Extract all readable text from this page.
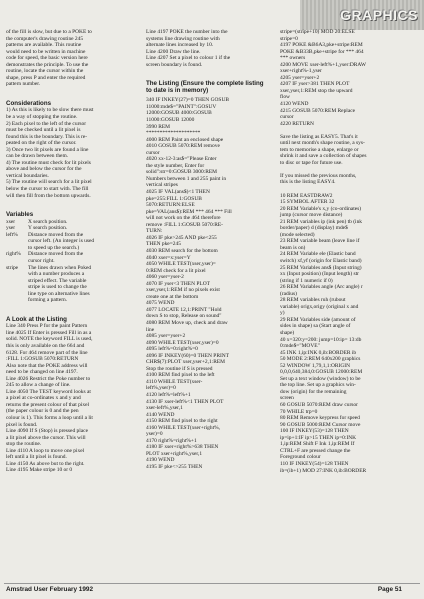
GRAPHICS

of the fill is slow, but due to a POKE to

the computer's drawing routine 245

patterns are available. This routine

would need to be written in machine

code for speed, the basic version here

demonstrates the principle. To use the

routine, locate the cursor within the

shape, press P and enter the required

pattern number.

Considerations

1) As this is likely to be slow there must

be a way of stopping the routine.

2) Each pixel to the left of the cursor

must be checked until a lit pixel is

found this is the boundary. This is re-

peated on the right of the cursor.

3) Once two lit pixels are found a line

can be drawn between them.

4) The routine must check for lit pixels

above and below the cursor for the

vertical boundaries.

5) The routine will search for a lit pixel

below the cursor to start with. The fill

will then fill from the bottom upwards.

Variables

xser	X search position.

yser	Y search position.

left%	Distance moved from the

cursor left. (An integer is used

to speed up the search.)

right%	Distance moved from the

cursor right.

stripe	The lines drawn when Poked

with a number produces a

striped effect. The variable

stripe is used to change the

line type on alternative lines

forming a pattern.

A Look at the Listing

Line 340 Press P for the paint Pattern

line 4025 If Enter is pressed Fill in as a

solid. NOTE the keyword FILL is used,

this is only available on the 664 and

6128. For 464 remove part of the line

:FILL 1:GOSUB 5070:RETURN

Also note that the POKE address will

need to be changed on line 4197.

Line 4026 Restrict the Poke number to

245 to allow a change of line.

Line 4050 The TEST keyword looks at

a pixel at co-ordinates x and y and

returns the present colour of that pixel

(the paper colour is 0 and the pen

colour is 1). This forms a loop until a lit

pixel is found.

Line 4090 If S (Stop) is pressed place

a lit pixel above the cursor. This will

stop the routine.

Line 4110 A loop to move one pixel

left until a lit pixel is found.

Line 4150 As above but to the right.

Line 4195 Make stripe 10 or 0

Line 4197 POKE the number into the

systems line drawing routine with

alternate lines increased by 10.

Line 4200 Draw the line.

Line 4207 Set a pixel to colour 1 if the

screen boundary is found.

The Listing (Ensure the complete listing to date is in memory)

340 IF INKEY(27)=0 THEN GOSUB

11000:mde$="PAINT":GOSUV

12000:GOSUB 4000:GOSUB

11000:GOSUB 12000

3990 REM

********************

4000 REM Paint an enclosed shape

4010 GOSUB 5070:REM remove

cursor

4020 xx-12-3:as$="Please Enter

the style number, Enter for

solid":str=0:GOSUB 3000:REM

Numbers between 1 and 255 paint in

vertical stripes

4025 IF VAL(ans$)<1 THEN

pke=255:FILL 1:GOSUB

5070:RETURN:ELSE

pke=VAL(ans$):REM *** 464 *** Fill

will not work on the 464 therefore

remove :FILL 1:GOSUB 5070:RE-

TURN:

4026 IF pke>245 AND pke<255

THEN pke=245

4030 REM search for the bottom

4040 xser=x:yser=Y

4050 WHILE TEST(xser,yser)=

0:REM check for a lit pixel

4060 yser=yser-2

4070 IF yser<3 THEN PLOT

xser,yser,1:REM if no pixels exist

create one at the bottom

4075 WEND

4077 LOCATE 12,1:PRINT "Hold

down S to stop, Release on sound"

4080 REM Move up, check and draw

line

4085 yser=yser+2

4090 WHILE TEST(xser,yser)=0

4095 left%=0:right%=0

4096 IF INKEY(60)=0 THEN PRINT

CHR$(7):PLOT xser,yser+2,1:REM

Stop the routine if S is pressed

4100 REM find pixel to the left

4110 WHILE TEST(xser-

left%,yser)=0

4120 left%=left%+1

4130 IF xser-left%<1 THEN PLOT

xser-left%,yser,1

4140 WEND

4150 REM find pixel to the right

4160 WHILE TEST(xser+right%,

yser)=0

4170 right%=right%+1

4180 IF xser+right%>638 THEN

PLOT xser+right%,yser,1

4190 WEND

4195 IF pke<>255 THEN

stripe=(stripe+10) MOD 20:ELSE

stripe=0

4197 POKE &B6A3,pke+stripe:REM

POKE &B33B,pke+stripe for *** 464

*** owners

4200 MOVE xser-left%+1,yser:DRAW

xser+right%-1,yser

4205 yser=yser+2

4207 IF yser>381 THEN PLOT

xser,yser,1:REM stop the upward

flow

4120 WEND

4215 GOSUB 5070:REM Replace

cursor

4220 RETURN

Save the listing as EASY5. That's it

until next month's shape routine, a sys-

tem to memorise a shape, enlarge or

shrink it and save a collection of shapes

to disc or tape for future use.

If you missed the previous months,

this is the listing EASY4.

10 REM EASTDRAW2

15 SYMBOL AFTER 32

20 REM Variable's x,y (co-ordinates)

jump (cursor move distance)

21 REM variables ip (ink pen) tb (ink

border/paper) d (display) mde$

(mode selected)

23 REM variable beam (leave line if

beam is on)

24 REM Variable ele (Elastic band

switch) xf,yf (origin for Elastic band)

25 REM Variables ans$ (Input string)

xx (Input position) (Input length) str

(string if 1 numeric if 0)

26 REM Variables angle (Arc angle) r

(radius)

28 REM variables ruh (rubout

variable) origx,origy (original x and

y)

29 REM Variables side (amount of

sides in shape) sa (Start angle of

shape)

40 x=320:y=200: jump=10:ip= 13:db

0:mde$="MOVE"

45 INK 1,ip:INK 0,ib:BORDER ib

50 MODE 2:REM 640x200 graphics

52 WINDOW 1,79,1,1:ORIGIN

0,0,0,640,384,0:GOSUB 12000:REM

Set up a text window (window) to be

the top line. Set up a graphics win-

dow (origin) for the remaining

screen

60 GOSUB 5070:REM draw cursor

70 WHILE trp=0

80 REM Remove keypress for speed

90 GOSUB 5000:REM Cursor move

100 IF INKEY(53)=128 THEN

ip=ip+1:IF ip>15 THEN ip=0:INK

1,ip:REM Shift F Ink 1,ip:REM If

CTRL+F are pressed change the

Foreground colour

110 IF INKEY(54)=128 THEN

ib=(ib+1) MOD 27:INK 0,ib:BORDER

Amstrad User February 1992	Page 51
